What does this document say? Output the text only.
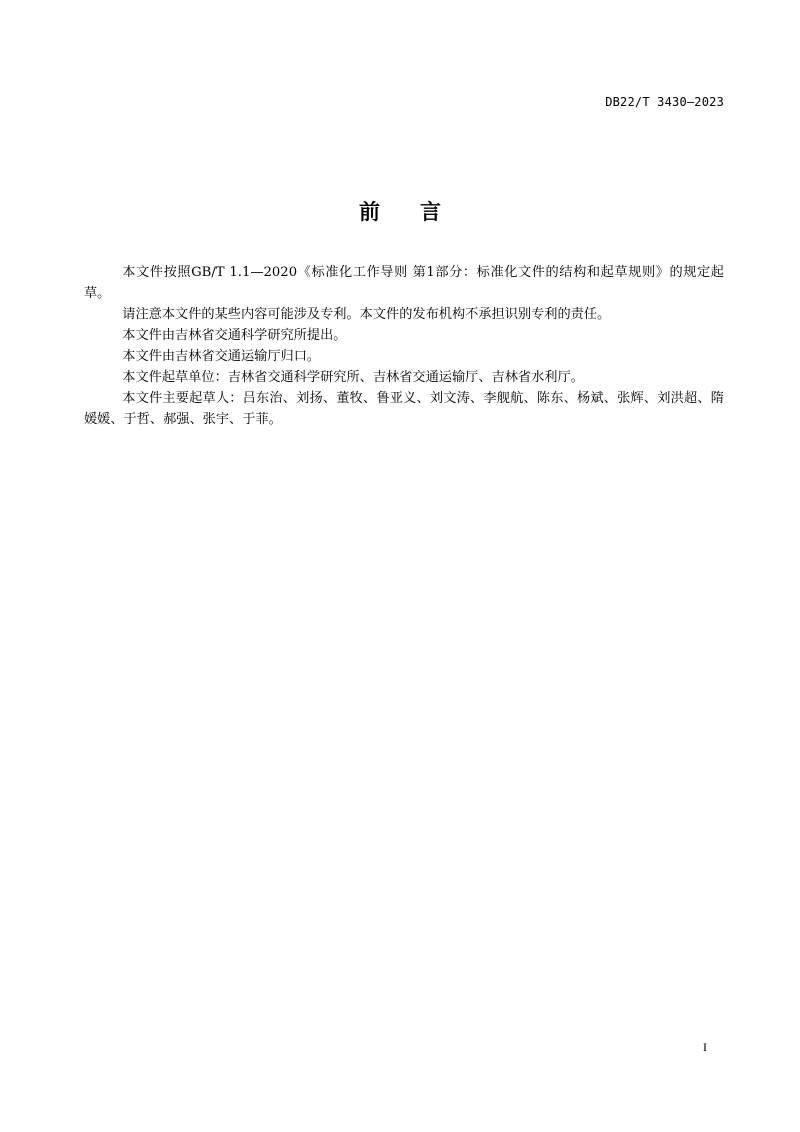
DB22/T 3430—2023
前 言

本文件按照GB/T 1.1—2020《标准化工作导则 第1部分：标准化文件的结构和起草规则》的规定起草。

请注意本文件的某些内容可能涉及专利。本文件的发布机构不承担识别专利的责任。

本文件由吉林省交通科学研究所提出。

本文件由吉林省交通运输厅归口。

本文件起草单位：吉林省交通科学研究所、吉林省交通运输厅、吉林省水利厅。

本文件主要起草人：吕东治、刘扬、董牧、鲁亚义、刘文涛、李舰航、陈东、杨斌、张辉、刘洪超、隋媛媛、于哲、郝强、张宇、于菲。

I
